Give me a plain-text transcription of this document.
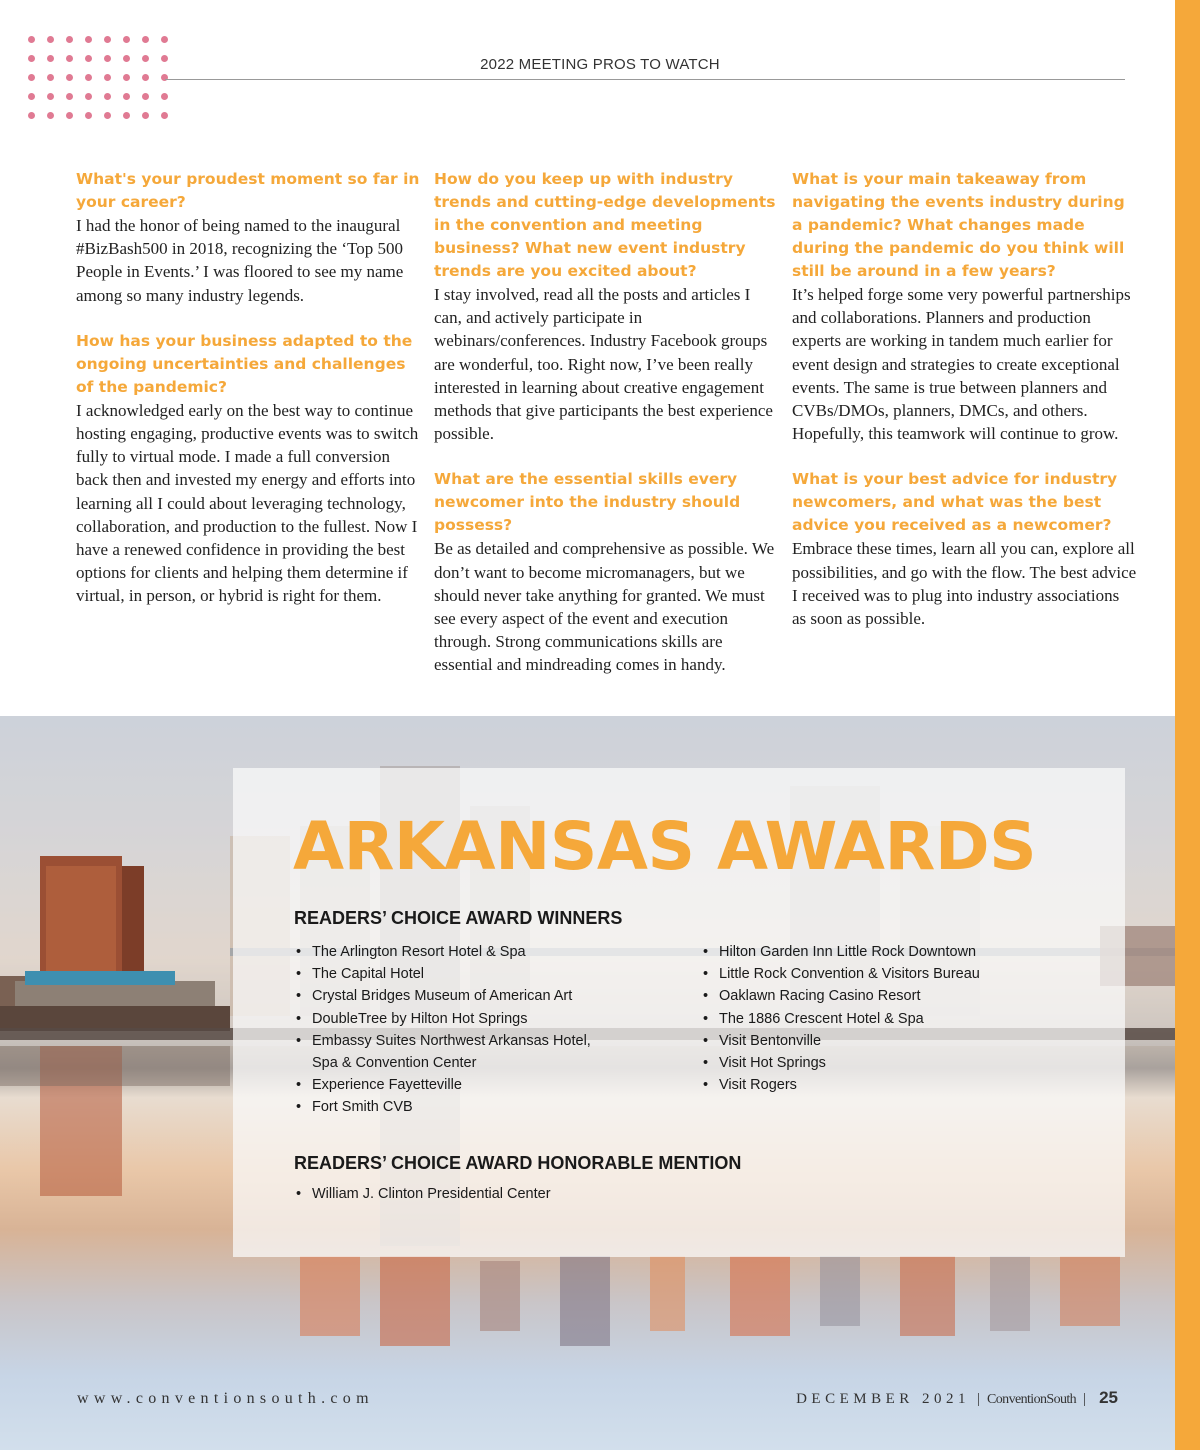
2022 MEETING PROS TO WATCH

What's your proudest moment so far in your career?

I had the honor of being named to the inaugural #BizBash500 in 2018, recognizing the ‘Top 500 People in Events.’ I was floored to see my name among so many industry legends.

How has your business adapted to the ongoing uncertainties and challenges of the pandemic?

I acknowledged early on the best way to continue hosting engaging, productive events was to switch fully to virtual mode. I made a full conversion back then and invested my energy and efforts into learning all I could about leveraging technology, collaboration, and production to the fullest. Now I have a renewed confidence in providing the best options for clients and helping them determine if virtual, in person, or hybrid is right for them.

How do you keep up with industry trends and cutting-edge developments in the convention and meeting business? What new event industry trends are you excited about?

I stay involved, read all the posts and articles I can, and actively participate in webinars/conferences. Industry Facebook groups are wonderful, too. Right now, I’ve been really interested in learning about creative engagement methods that give participants the best experience possible.

What are the essential skills every newcomer into the industry should possess?

Be as detailed and comprehensive as possible. We don’t want to become micromanagers, but we should never take anything for granted. We must see every aspect of the event and execution through. Strong communications skills are essential and mindreading comes in handy.

What is your main takeaway from navigating the events industry during a pandemic? What changes made during the pandemic do you think will still be around in a few years?

It’s helped forge some very powerful partnerships and collaborations. Planners and production experts are working in tandem much earlier for event design and strategies to create exceptional events. The same is true between planners and CVBs/DMOs, planners, DMCs, and others. Hopefully, this teamwork will continue to grow.

What is your best advice for industry newcomers, and what was the best advice you received as a newcomer?

Embrace these times, learn all you can, explore all possibilities, and go with the flow. The best advice I received was to plug into industry associations as soon as possible.

ARKANSAS AWARDS

READERS’ CHOICE AWARD WINNERS

• The Arlington Resort Hotel & Spa
• The Capital Hotel
• Crystal Bridges Museum of American Art
• DoubleTree by Hilton Hot Springs
• Embassy Suites Northwest Arkansas Hotel,
Spa & Convention Center
• Experience Fayetteville
• Fort Smith CVB
• Hilton Garden Inn Little Rock Downtown
• Little Rock Convention & Visitors Bureau
• Oaklawn Racing Casino Resort
• The 1886 Crescent Hotel & Spa
• Visit Bentonville
• Visit Hot Springs
• Visit Rogers

READERS’ CHOICE AWARD HONORABLE MENTION

• William J. Clinton Presidential Center
www.conventionsouth.com	DECEMBER 2021 | ConventionSouth | 25
